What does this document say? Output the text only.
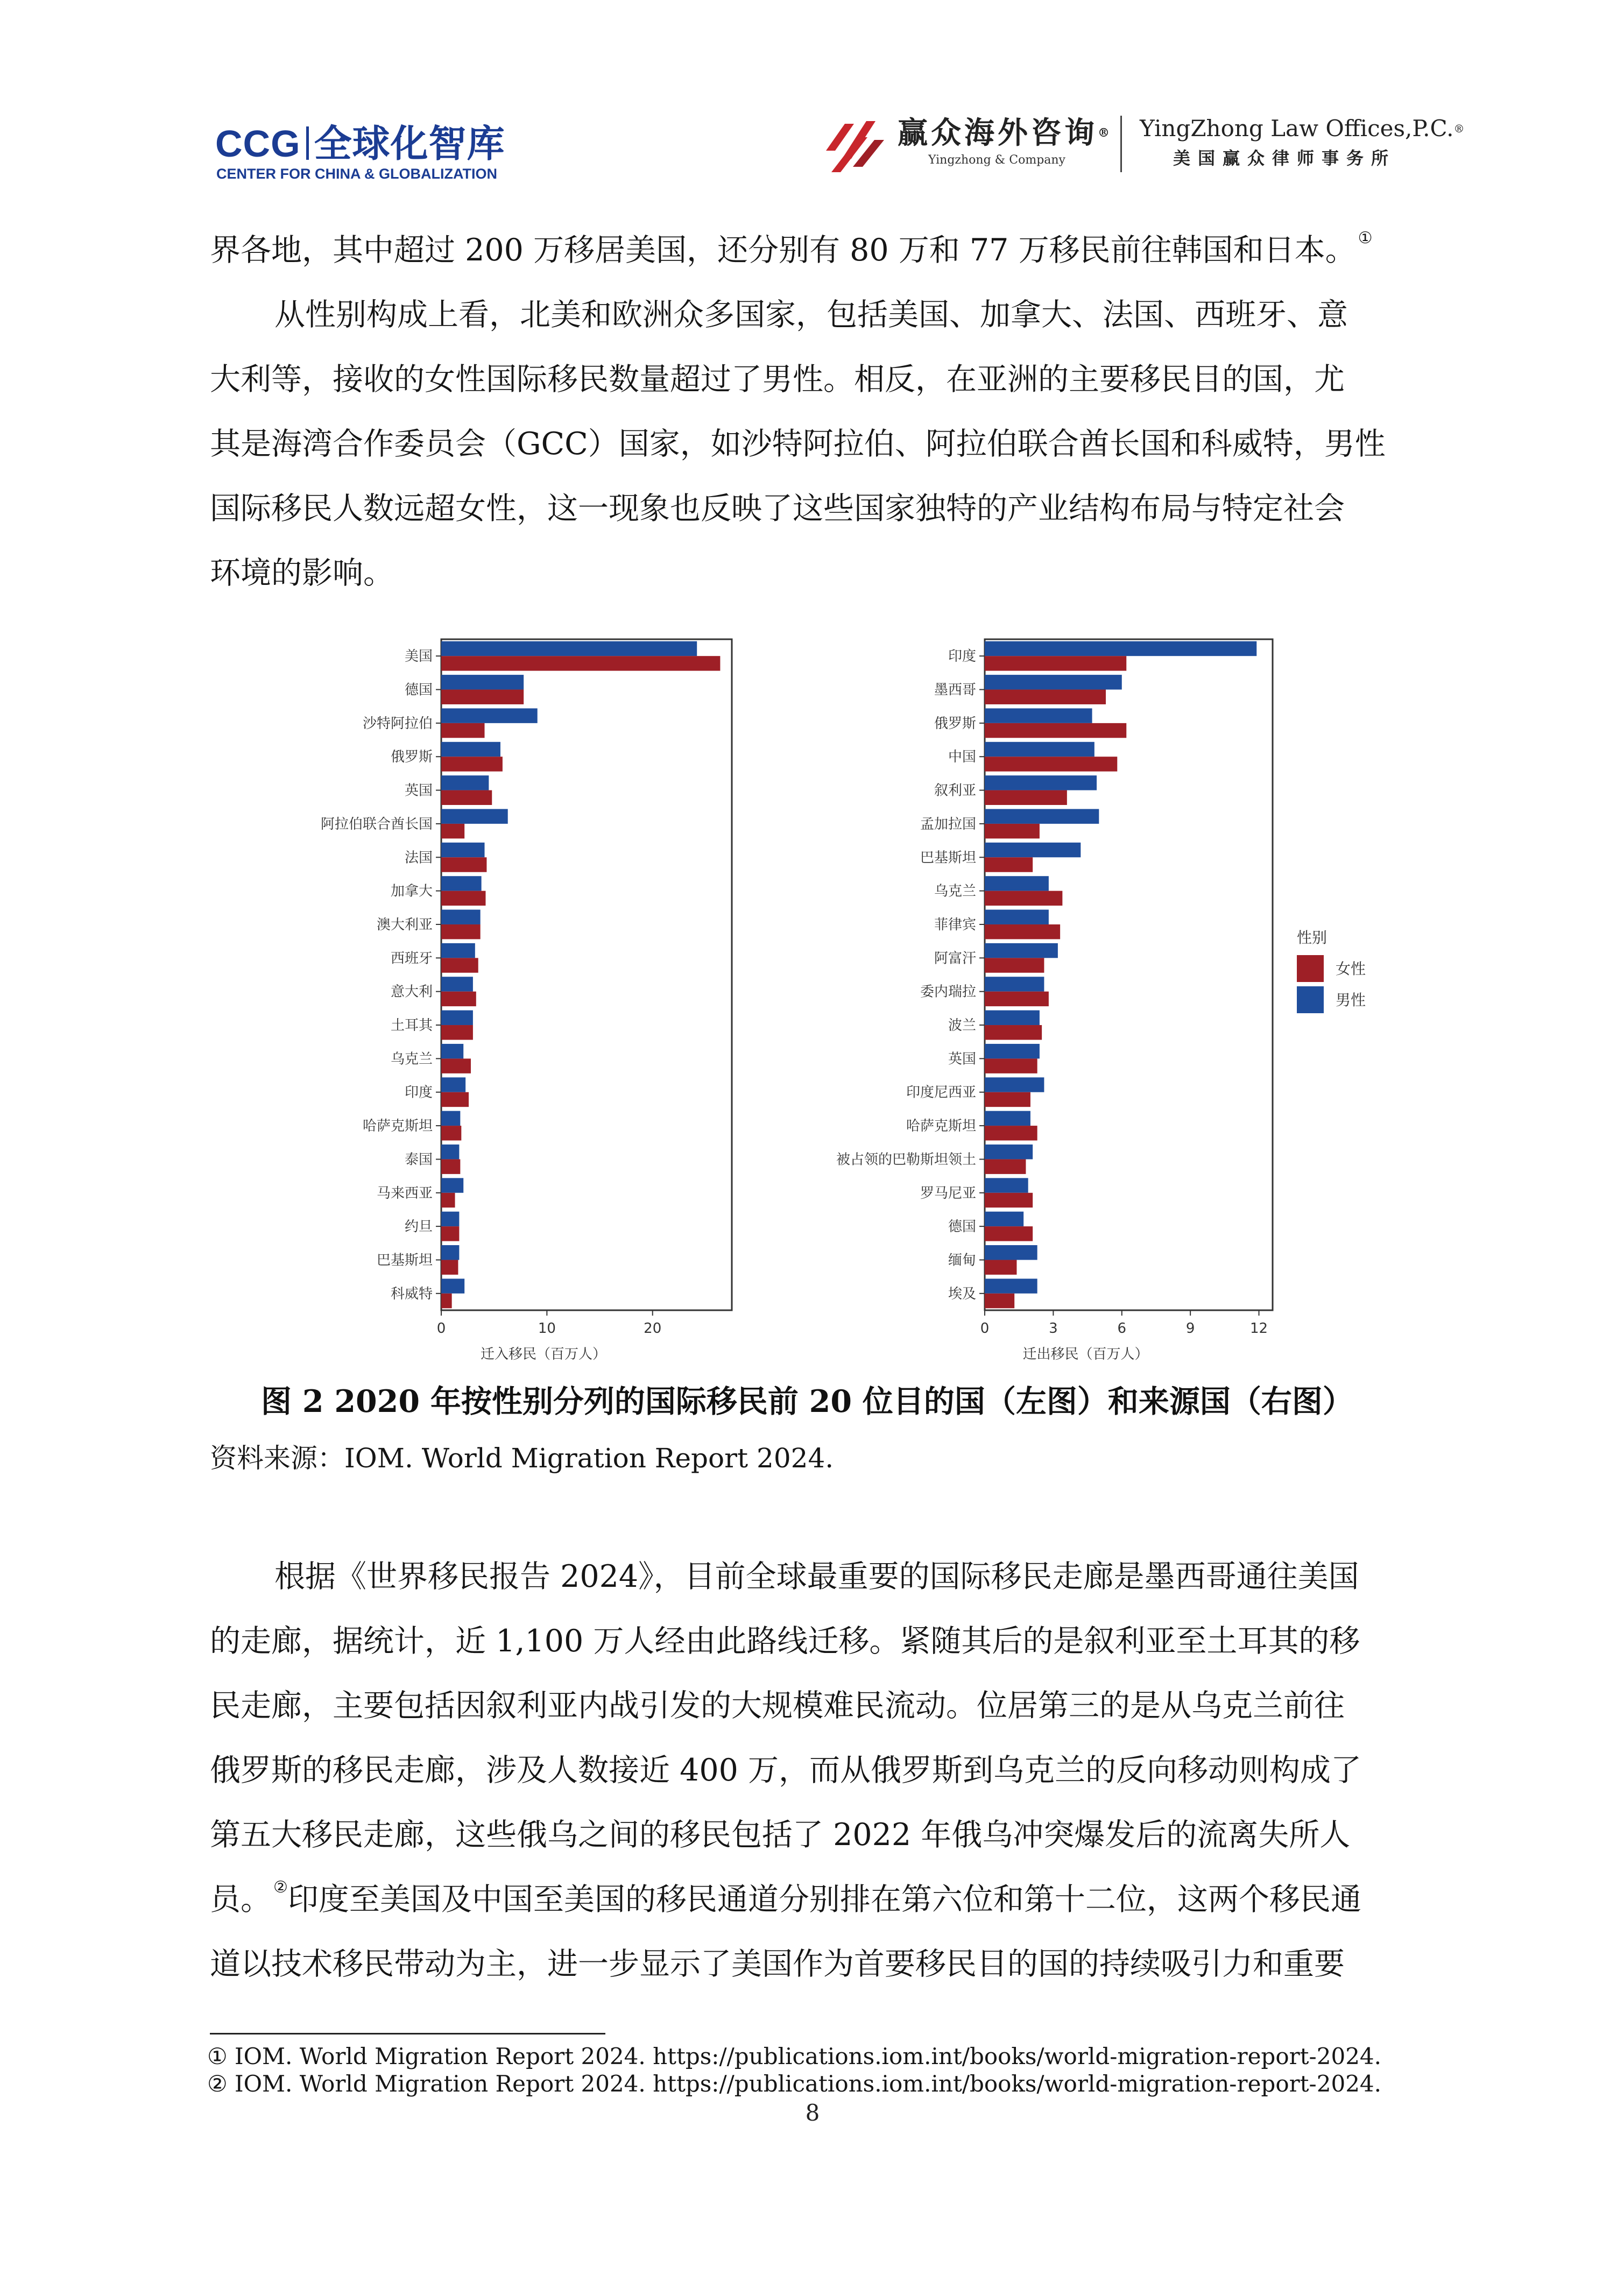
CCG 全球化智库
CENTER FOR CHINA & GLOBALIZATION
赢众海外咨询®
Yingzhong & Company
YingZhong Law Offices,P.C.®
美国赢众律师事务所
界各地，其中超过 200 万移居美国，还分别有 80 万和 77 万移民前往韩国和日本。 ①
从性别构成上看，北美和欧洲众多国家，包括美国、加拿大、法国、西班牙、意
大利等，接收的女性国际移民数量超过了男性。相反，在亚洲的主要移民目的国，尤
其是海湾合作委员会（GCC）国家，如沙特阿拉伯、阿拉伯联合酋长国和科威特，男性
国际移民人数远超女性，这一现象也反映了这些国家独特的产业结构布局与特定社会
环境的影响。
美国
德国
沙特阿拉伯
俄罗斯
英国
阿拉伯联合酋长国
法国
加拿大
澳大利亚
西班牙
意大利
土耳其
乌克兰
印度
哈萨克斯坦
泰国
马来西亚
约旦
巴基斯坦
科威特
0	10	20
迁入移民（百万人）
印度
墨西哥
俄罗斯
中国
叙利亚
孟加拉国
巴基斯坦
乌克兰
菲律宾
阿富汗
委内瑞拉
波兰
英国
印度尼西亚
哈萨克斯坦
被占领的巴勒斯坦领土
罗马尼亚
德国
缅甸
埃及
0	3	6	9	12
迁出移民（百万人）
性别
女性
男性
图 2 2020 年按性别分列的国际移民前 20 位目的国（左图）和来源国（右图）
资料来源：IOM. World Migration Report 2024.
根据《世界移民报告 2024》，目前全球最重要的国际移民走廊是墨西哥通往美国
的走廊，据统计，近 1,100 万人经由此路线迁移。紧随其后的是叙利亚至土耳其的移
民走廊，主要包括因叙利亚内战引发的大规模难民流动。位居第三的是从乌克兰前往
俄罗斯的移民走廊，涉及人数接近 400 万，而从俄罗斯到乌克兰的反向移动则构成了
第五大移民走廊，这些俄乌之间的移民包括了 2022 年俄乌冲突爆发后的流离失所人
员。 ②印度至美国及中国至美国的移民通道分别排在第六位和第十二位，这两个移民通
道以技术移民带动为主，进一步显示了美国作为首要移民目的国的持续吸引力和重要
① IOM. World Migration Report 2024. https://publications.iom.int/books/world-migration-report-2024.
② IOM. World Migration Report 2024. https://publications.iom.int/books/world-migration-report-2024.
8
